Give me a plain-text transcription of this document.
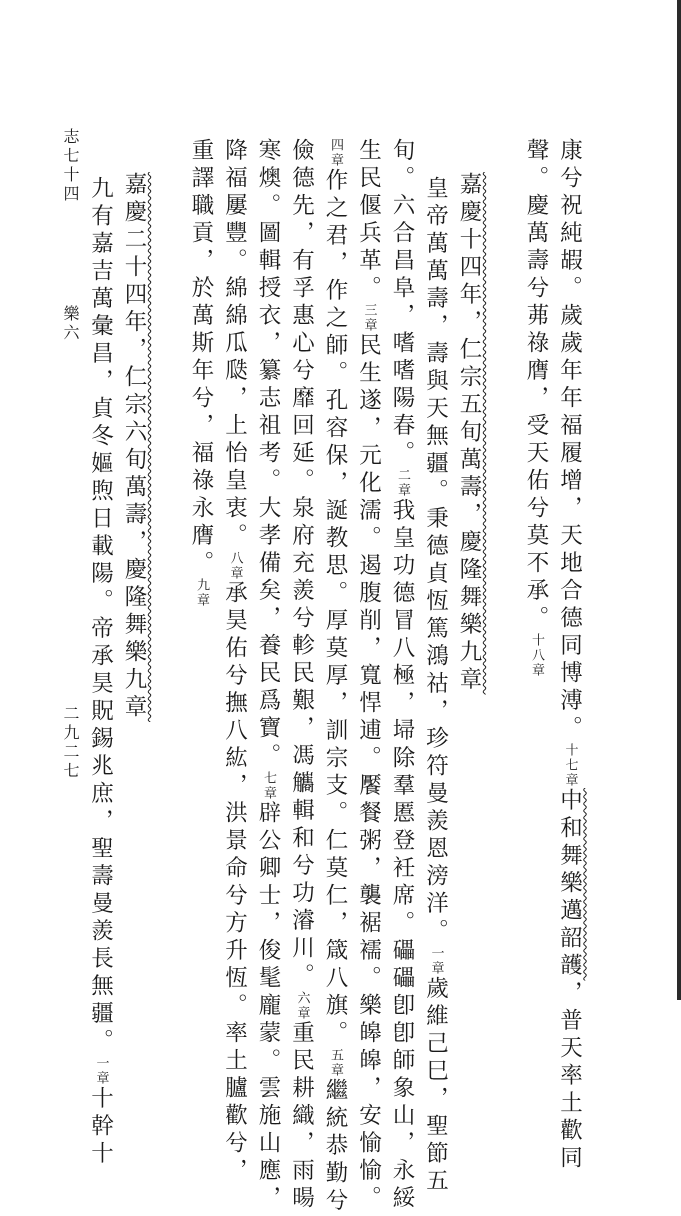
康兮祝純嘏。歲歲年年福履增，天地合德同博溥。十七章中和舞樂邁韶頀，普天率土歡同
聲。慶萬壽兮茀祿膺，受天佑兮莫不承。十八章
嘉慶十四年，仁宗五旬萬壽，慶隆舞樂九章
皇帝萬萬壽，壽與天無疆。秉德貞恆篤鴻祜，珍符曼羨恩滂洋。一章歲維己巳，聖節五
旬。六合昌阜，嗜嗜陽春。二章我皇功德冒八極，埽除羣慝登衽席。礧礧卽卽師象山，永綏
生民偃兵革。三章民生遂，元化濡。遏腹削，寬悍逋。饜餐粥，襲裾襦。樂皞皞，安愉愉。
四章作之君，作之師。孔容保，誕教思。厚莫厚，訓宗支。仁莫仁，箴八旗。五章繼統恭勤兮
儉德先，有孚惠心兮靡回延。泉府充羨兮軫民艱，馮觿輯和兮功濬川。六章重民耕織，雨暘
寒燠。圖輯授衣，纂志祖考。大孝備矣，養民爲寶。七章辟公卿士，俊髦龐蒙。雲施山應，
降福屢豐。綿綿瓜瓞，上怡皇衷。八章承昊佑兮撫八紘，洪景命兮方升恆。率土臚歡兮，
重譯職貢，於萬斯年兮，福祿永膺。九章
嘉慶二十四年，仁宗六旬萬壽，慶隆舞樂九章
九有嘉吉萬彙昌，貞冬嫗煦日載陽。帝承昊貺錫兆庶，聖壽曼羨長無疆。一章十幹十
志七十四
樂六
二九二七
